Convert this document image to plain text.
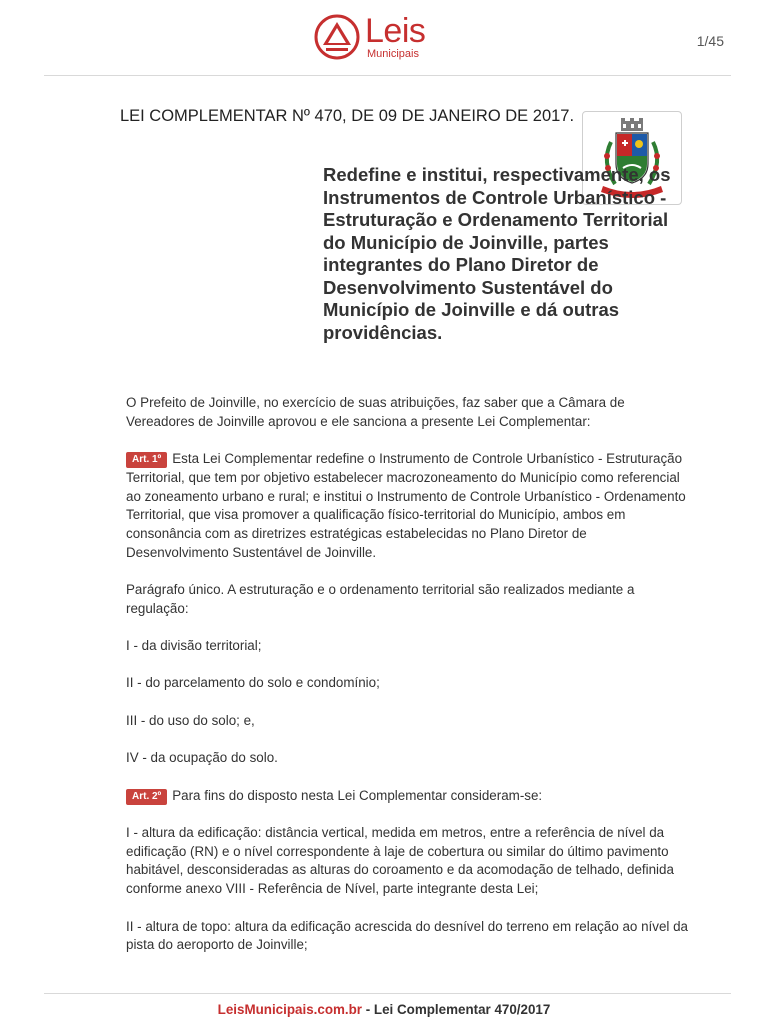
Leis
Municipais
1/45
LEI COMPLEMENTAR Nº 470, DE 09 DE JANEIRO DE 2017.
Redefine e institui, respectivamente, os Instrumentos de Controle Urbanístico - Estruturação e Ordenamento Territorial do Município de Joinville, partes integrantes do Plano Diretor de Desenvolvimento Sustentável do Município de Joinville e dá outras providências.

O Prefeito de Joinville, no exercício de suas atribuições, faz saber que a Câmara de Vereadores de Joinville aprovou e ele sanciona a presente Lei Complementar:

Art. 1º Esta Lei Complementar redefine o Instrumento de Controle Urbanístico - Estruturação Territorial, que tem por objetivo estabelecer macrozoneamento do Município como referencial ao zoneamento urbano e rural; e institui o Instrumento de Controle Urbanístico - Ordenamento Territorial, que visa promover a qualificação físico-territorial do Município, ambos em consonância com as diretrizes estratégicas estabelecidas no Plano Diretor de Desenvolvimento Sustentável de Joinville.

Parágrafo único. A estruturação e o ordenamento territorial são realizados mediante a regulação:

I - da divisão territorial;

II - do parcelamento do solo e condomínio;

III - do uso do solo; e,

IV - da ocupação do solo.

Art. 2º Para fins do disposto nesta Lei Complementar consideram-se:

I - altura da edificação: distância vertical, medida em metros, entre a referência de nível da edificação (RN) e o nível correspondente à laje de cobertura ou similar do último pavimento habitável, desconsideradas as alturas do coroamento e da acomodação de telhado, definida conforme anexo VIII - Referência de Nível, parte integrante desta Lei;

II - altura de topo: altura da edificação acrescida do desnível do terreno em relação ao nível da pista do aeroporto de Joinville;

LeisMunicipais.com.br - Lei Complementar 470/2017
